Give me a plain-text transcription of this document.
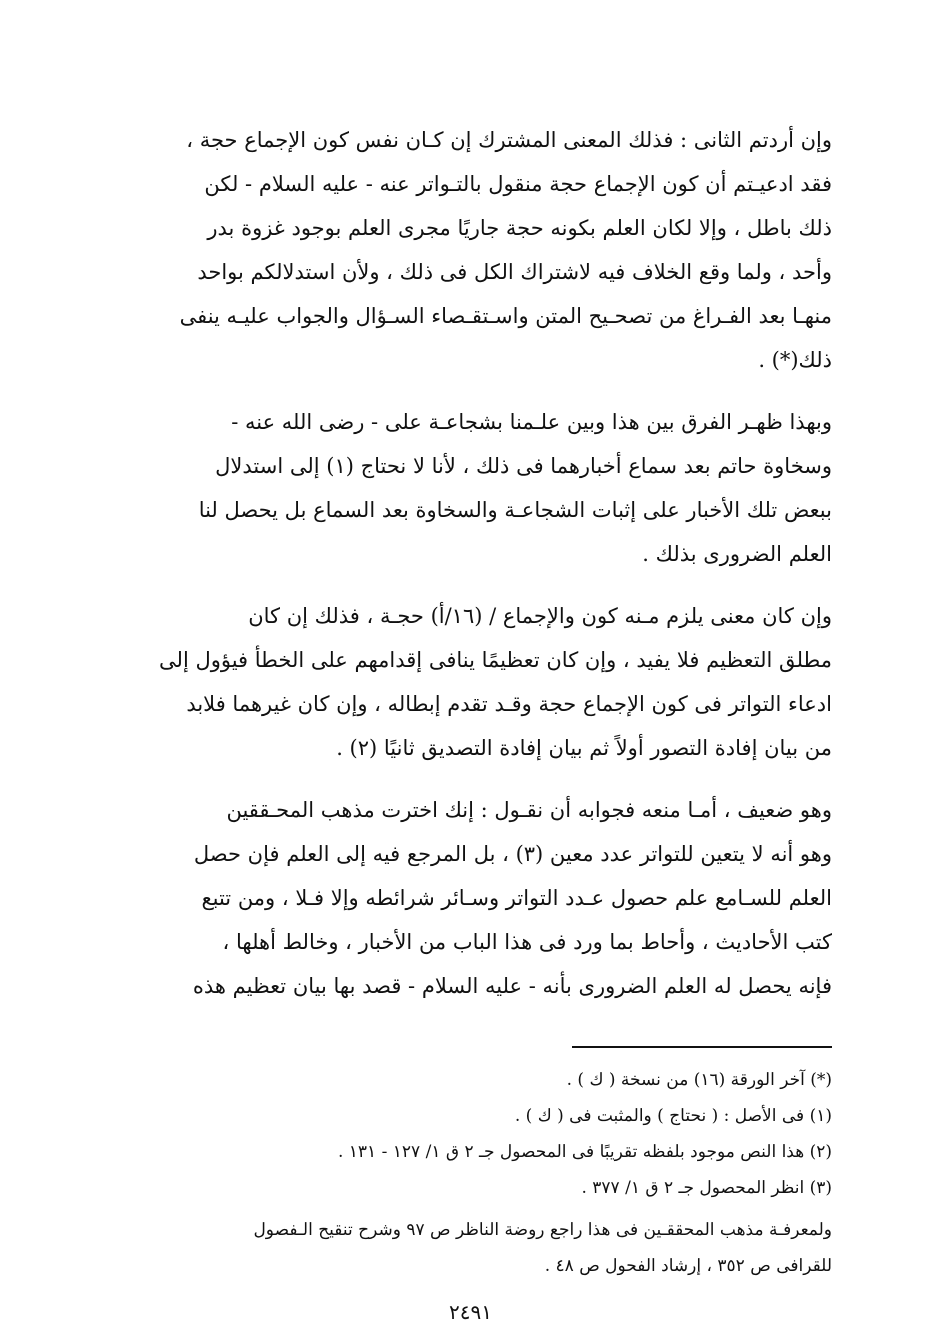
وإن أردتم الثانى : فذلك المعنى المشترك إن كـان نفس كون الإجماع حجة ،
فقد ادعيـتم أن كون الإجماع حجة منقول بالتـواتر عنه - عليه السلام - لكن
ذلك باطل ، وإلا لكان العلم بكونه حجة جاريًا مجرى العلم بوجود غزوة بدر
وأحد ، ولما وقع الخلاف فيه لاشتراك الكل فى ذلك ، ولأن استدلالكم بواحد
منهـا بعد الفـراغ من تصحـيح المتن واسـتقـصاء السـؤال والجواب عليـه ينفى
ذلك(*) .

وبهذا ظهـر الفرق بين هذا وبين علـمنا بشجاعـة على - رضى الله عنه -
وسخاوة حاتم بعد سماع أخبارهما فى ذلك ، لأنا لا نحتاج (١) إلى استدلال
ببعض تلك الأخبار على إثبات الشجاعـة والسخاوة بعد السماع بل يحصل لنا
العلم الضرورى بذلك .

وإن كان معنى يلزم مـنه كون والإجماع / (١٦/أ) حجـة ، فذلك إن كان
مطلق التعظيم فلا يفيد ، وإن كان تعظيمًا ينافى إقدامهم على الخطأ فيؤول إلى
ادعاء التواتر فى كون الإجماع حجة وقـد تقدم إبطاله ، وإن كان غيرهما فلابد
من بيان إفادة التصور أولاً ثم بيان إفادة التصديق ثانيًا (٢) .

وهو ضعيف ، أمـا منعه فجوابه أن نقـول : إنك اخترت مذهب المحـققين
وهو أنه لا يتعين للتواتر عدد معين (٣) ، بل المرجع فيه إلى العلم فإن حصل
العلم للسـامع علم حصول عـدد التواتر وسـائر شرائطه وإلا فـلا ، ومن تتبع
كتب الأحاديث ، وأحاط بما ورد فى هذا الباب من الأخبار ، وخالط أهلها ،
فإنه يحصل له العلم الضرورى بأنه - عليه السلام - قصد بها بيان تعظيم هذه

(*) آخر الورقة (١٦) من نسخة ( ك ) .
(١) فى الأصل : ( نحتاج ) والمثبت فى ( ك ) .
(٢) هذا النص موجود بلفظه تقريبًا فى المحصول جـ ٢ ق ١/ ١٢٧ - ١٣١ .
(٣) انظر المحصول جـ ٢ ق ١/ ٣٧٧ .
ولمعرفـة مذهب المحققـين فى هذا راجع روضة الناظر ص ٩٧ وشرح تنقيح الـفصول
للقرافى ص ٣٥٢ ، إرشاد الفحول ص ٤٨ .
٢٤٩١
